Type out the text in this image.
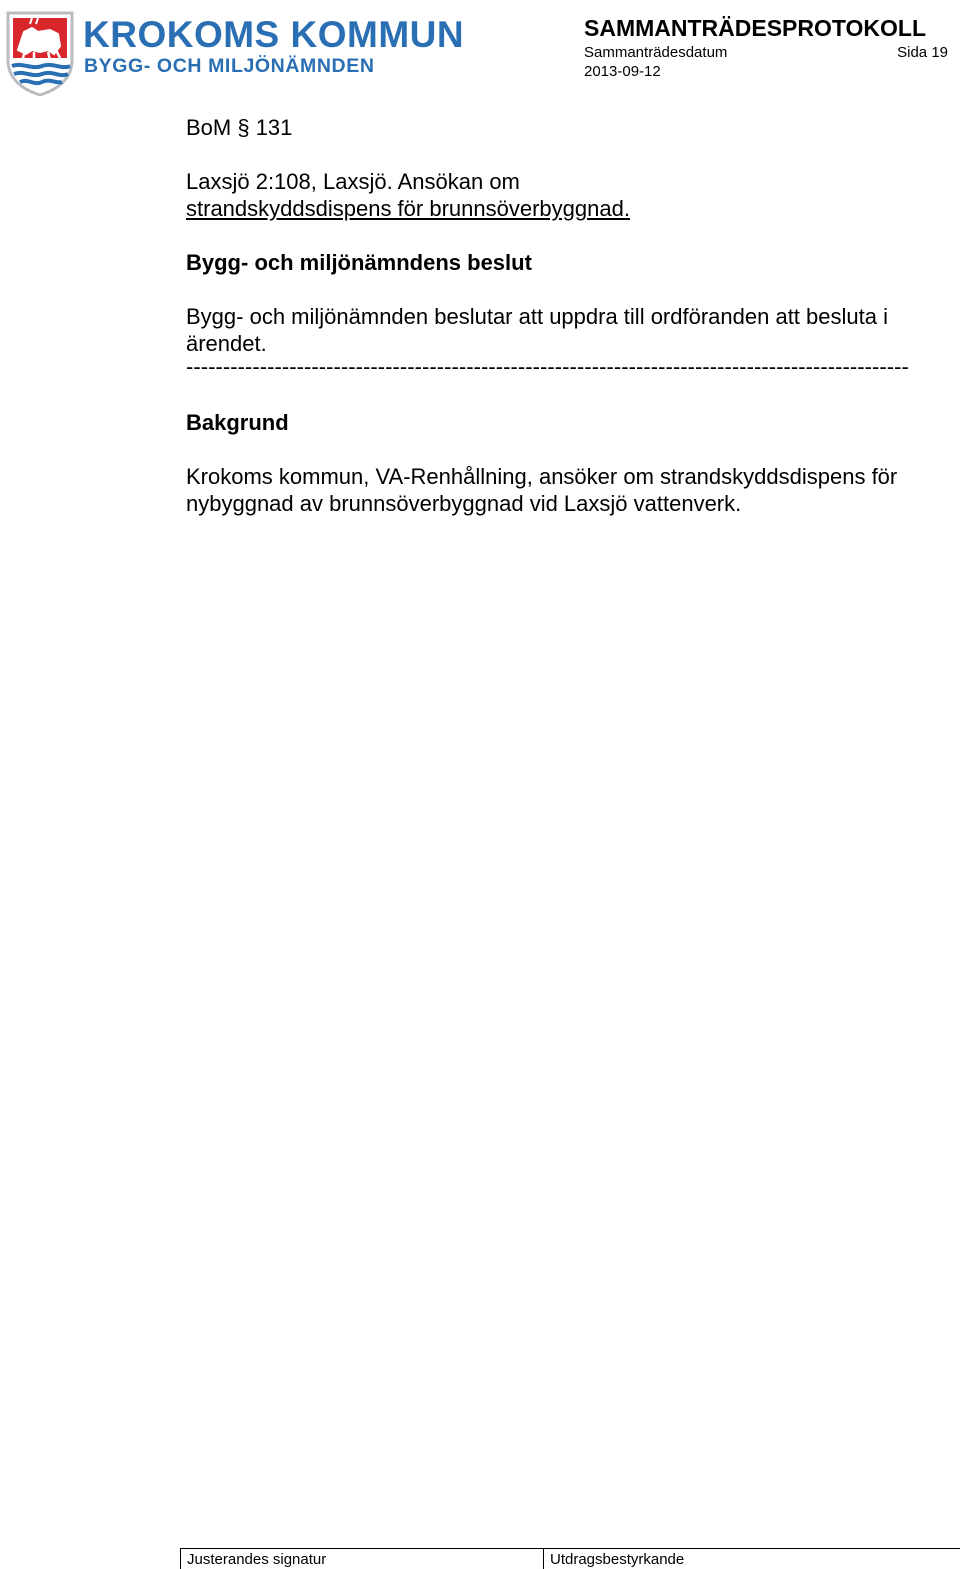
KROKOMS KOMMUN
BYGG- OCH MILJÖNÄMNDEN
SAMMANTRÄDESPROTOKOLL
Sammanträdesdatum	Sida 19
2013-09-12

BoM § 131

Laxsjö 2:108, Laxsjö. Ansökan om

strandskyddsdispens för brunnsöverbyggnad.

Bygg- och miljönämndens beslut

Bygg- och miljönämnden beslutar att uppdra till ordföranden att besluta i ärendet.

--------------------------------------------------------------------------------------------------

Bakgrund

Krokoms kommun, VA-Renhållning, ansöker om strandskyddsdispens för nybyggnad av brunnsöverbyggnad vid Laxsjö vattenverk.

Justerandes signatur	Utdragsbestyrkande
